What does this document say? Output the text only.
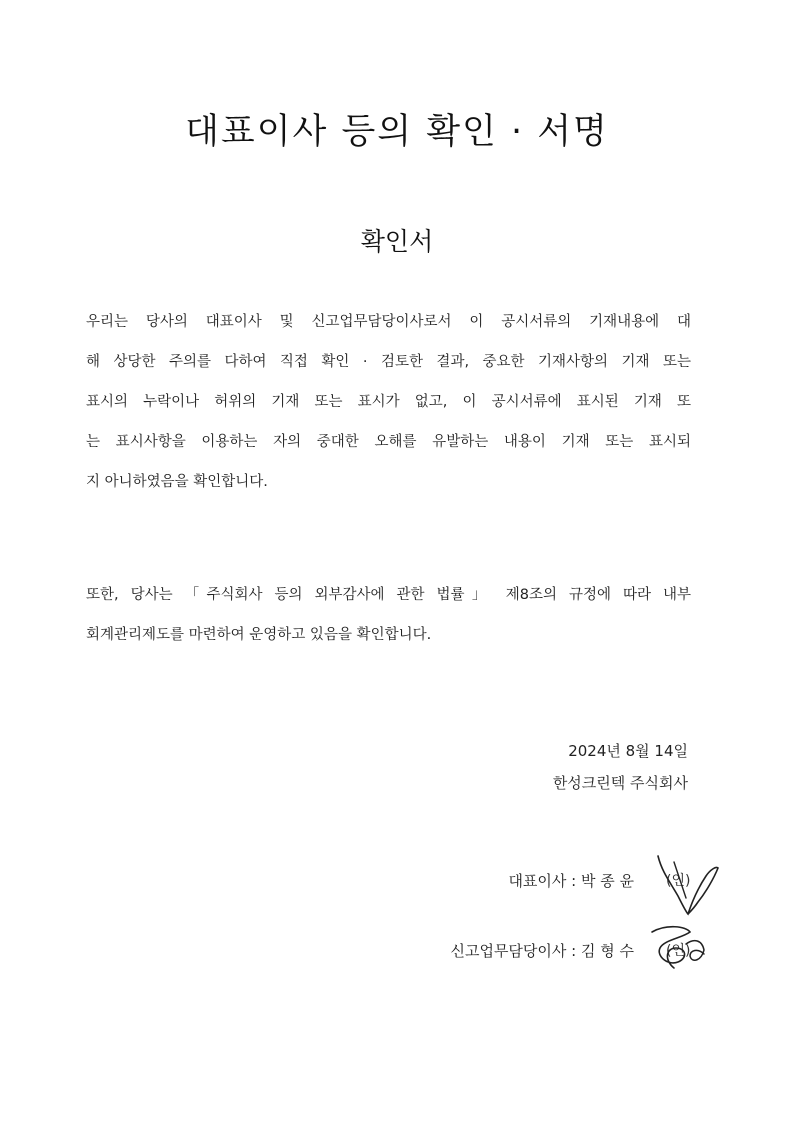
대표이사 등의 확인 · 서명
확인서

우리는 당사의 대표이사 및 신고업무담당이사로서 이 공시서류의 기재내용에 대
해 상당한 주의를 다하여 직접 확인 · 검토한 결과, 중요한 기재사항의 기재 또는
표시의 누락이나 허위의 기재 또는 표시가 없고, 이 공시서류에 표시된 기재 또
는 표시사항을 이용하는 자의 중대한 오해를 유발하는 내용이 기재 또는 표시되
지 아니하였음을 확인합니다.

또한, 당사는 「주식회사 등의 외부감사에 관한 법률」 제8조의 규정에 따라 내부
회계관리제도를 마련하여 운영하고 있음을 확인합니다.

2024년 8월 14일
한성크린텍 주식회사
대표이사 : 박 종 윤 (인)
신고업무담당이사 : 김 형 수 (인)
